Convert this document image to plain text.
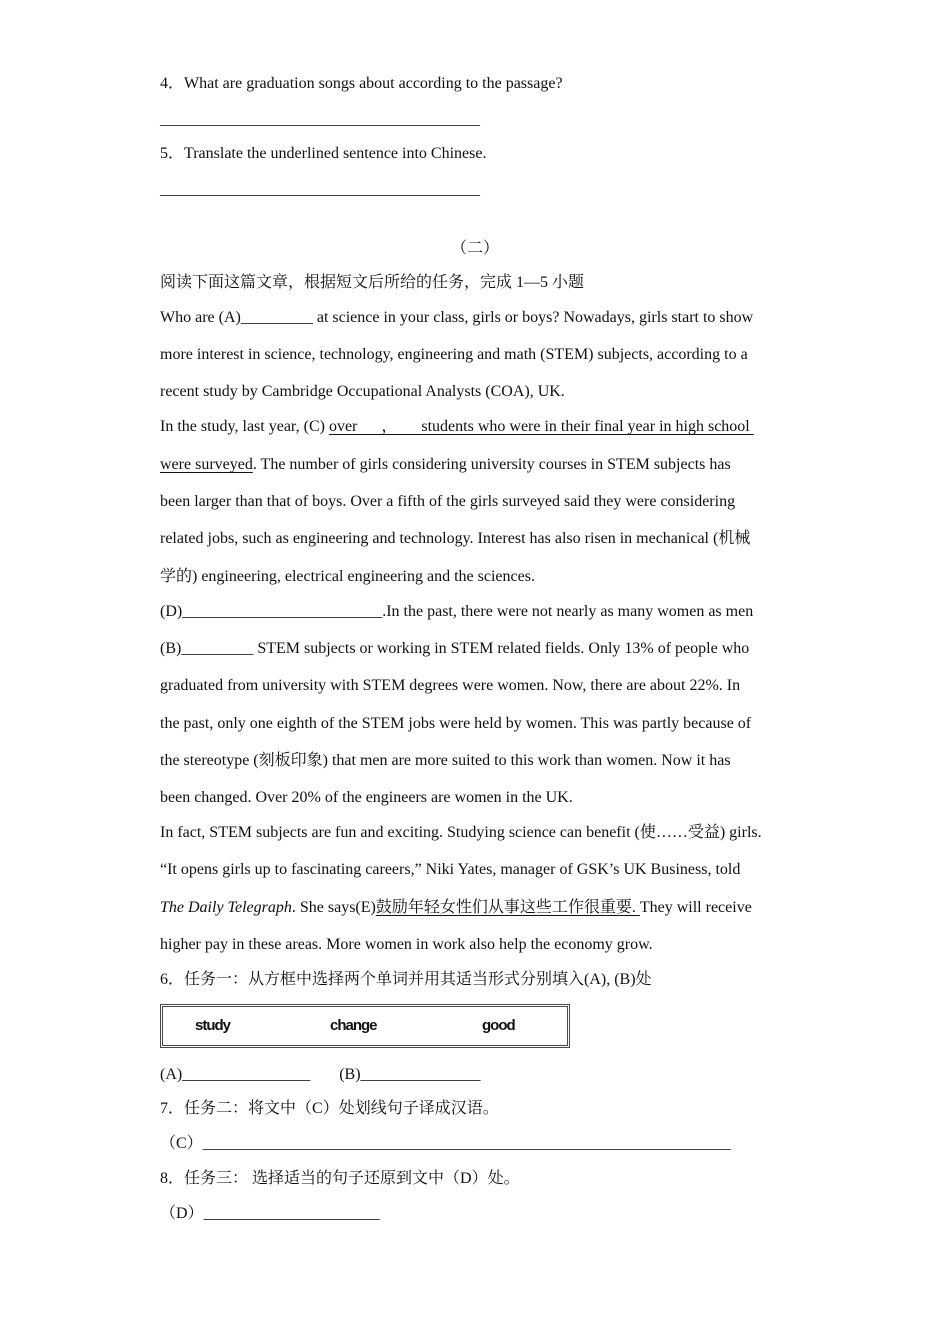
4．What are graduation songs about according to the passage?
________________________________________
5．Translate the underlined sentence into Chinese.
________________________________________
（二）
阅读下面这篇文章，根据短文后所给的任务，完成 1—5 小题
Who are (A)_________ at science in your class, girls or boys? Nowadays, girls start to show
more interest in science, technology, engineering and math (STEM) subjects, according to a
recent study by Cambridge Occupational Analysts (COA), UK.
In the study, last year, (C) over      ，      students who were in their final year in high school
were surveyed. The number of girls considering university courses in STEM subjects has
been larger than that of boys. Over a fifth of the girls surveyed said they were considering
related jobs, such as engineering and technology. Interest has also risen in mechanical (机械
学的) engineering, electrical engineering and the sciences.
(D)_________________________.In the past, there were not nearly as many women as men
(B)_________ STEM subjects or working in STEM related fields. Only 13% of people who
graduated from university with STEM degrees were women. Now, there are about 22%. In
the past, only one eighth of the STEM jobs were held by women. This was partly because of
the stereotype (刻板印象) that men are more suited to this work than women. Now it has
been changed. Over 20% of the engineers are women in the UK.
In fact, STEM subjects are fun and exciting. Studying science can benefit (使……受益) girls.
“It opens girls up to fascinating careers,” Niki Yates, manager of GSK’s UK Business, told
The Daily Telegraph. She says(E)鼓励年轻女性们从事这些工作很重要. They will receive
higher pay in these areas. More women in work also help the economy grow.
6．任务一：从方框中选择两个单词并用其适当形式分别填入(A), (B)处
study	change	good
(A)________________ (B)_______________
7．任务二：将文中（C）处划线句子译成汉语。
（C）__________________________________________________________________
8．任务三： 选择适当的句子还原到文中（D）处。
（D）______________________
